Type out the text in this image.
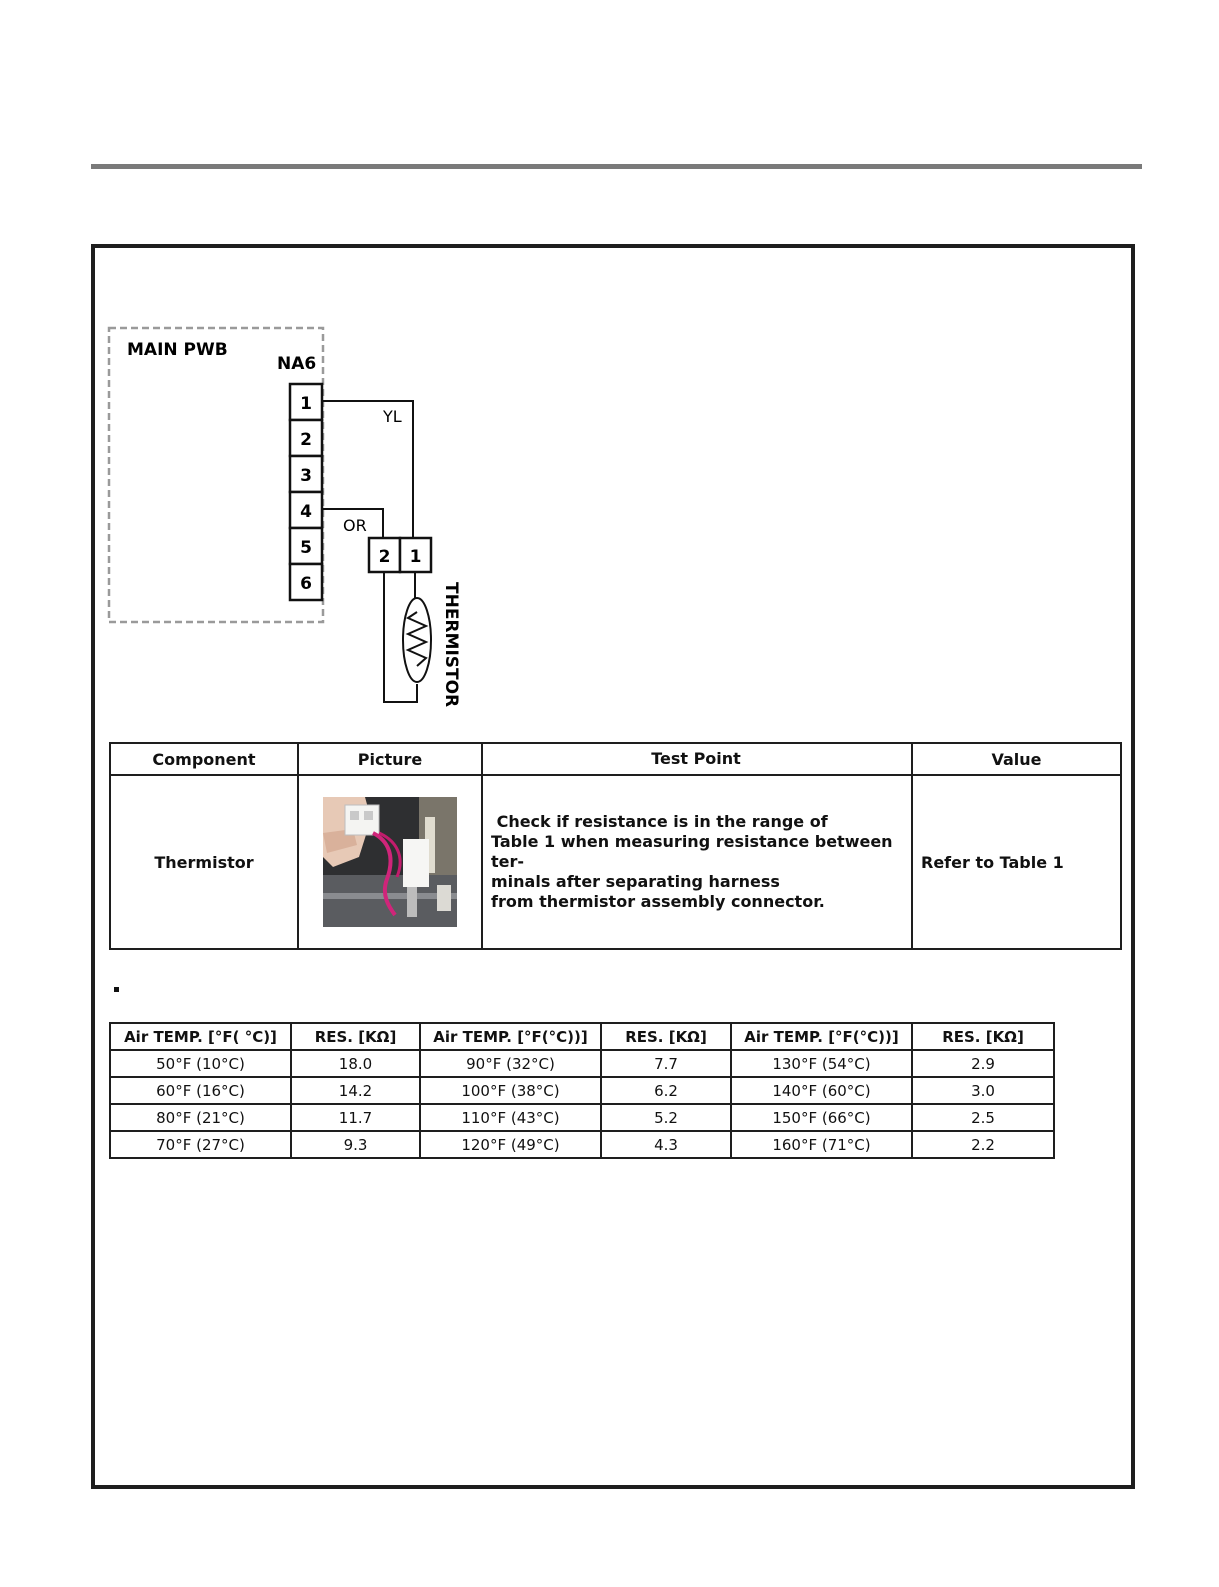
MAIN PWB
NA6
1
2
3
4
5
6
YL
OR
2 1
THERMISTOR
Component	Picture	Test Point	Value
Thermistor		Check if resistance is in the range of
Table 1 when measuring resistance between ter-
minals after separating harness
from thermistor assembly connector.	Refer to Table 1
Air TEMP. [°F( °C)]	RES. [KΩ]	Air TEMP. [°F(°C))]	RES. [KΩ]	Air TEMP. [°F(°C))]	RES. [KΩ]
50°F (10°C)	18.0	90°F (32°C)	7.7	130°F (54°C)	2.9
60°F (16°C)	14.2	100°F (38°C)	6.2	140°F (60°C)	3.0
80°F (21°C)	11.7	110°F (43°C)	5.2	150°F (66°C)	2.5
70°F (27°C)	9.3	120°F (49°C)	4.3	160°F (71°C)	2.2
